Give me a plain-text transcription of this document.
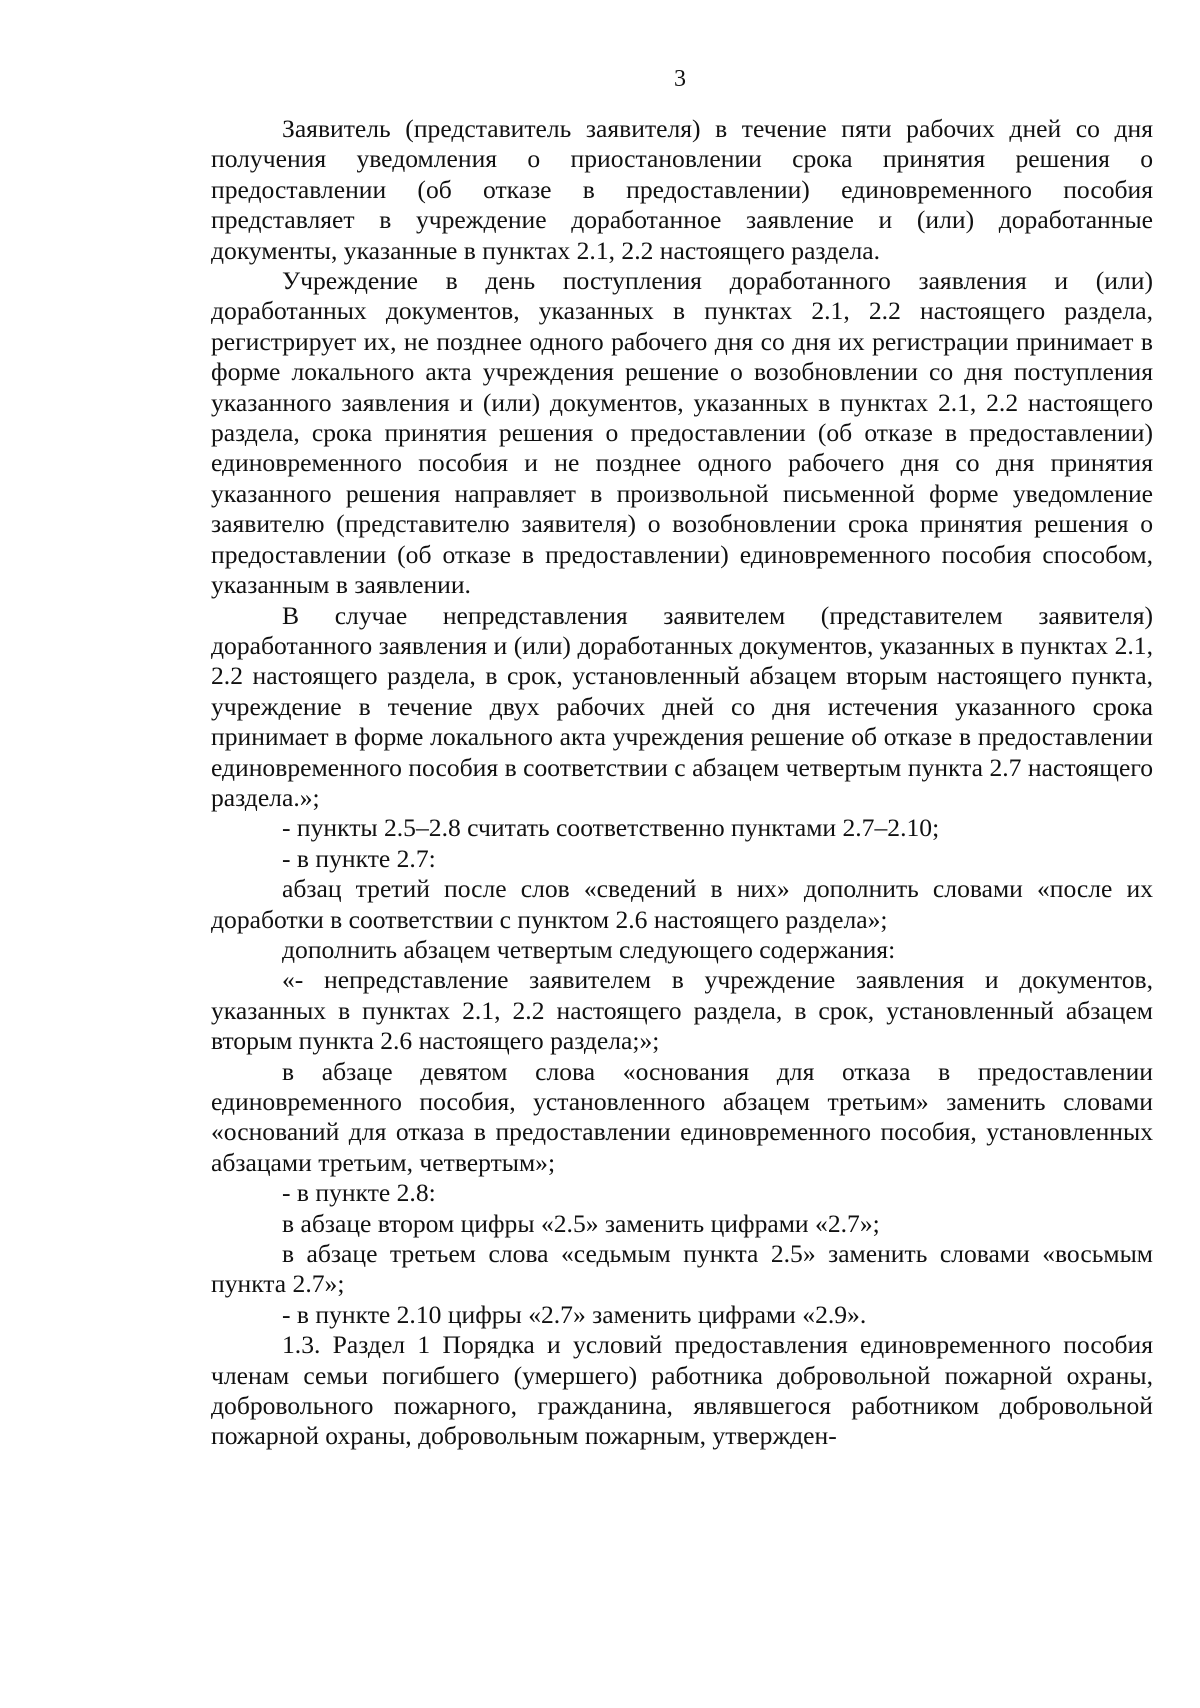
3

Заявитель (представитель заявителя) в течение пяти рабочих дней со дня получения уведомления о приостановлении срока принятия решения о предоставлении (об отказе в предоставлении) единовременного пособия представляет в учреждение доработанное заявление и (или) доработанные документы, указанные в пунктах 2.1, 2.2 настоящего раздела.

Учреждение в день поступления доработанного заявления и (или) доработанных документов, указанных в пунктах 2.1, 2.2 настоящего раздела, регистрирует их, не позднее одного рабочего дня со дня их регистрации принимает в форме локального акта учреждения решение о возобновлении со дня поступления указанного заявления и (или) документов, указанных в пунктах 2.1, 2.2 настоящего раздела, срока принятия решения о предоставлении (об отказе в предоставлении) единовременного пособия и не позднее одного рабочего дня со дня принятия указанного решения направляет в произвольной письменной форме уведомление заявителю (представителю заявителя) о возобновлении срока принятия решения о предоставлении (об отказе в предоставлении) единовременного пособия способом, указанным в заявлении.

В случае непредставления заявителем (представителем заявителя) доработанного заявления и (или) доработанных документов, указанных в пунктах 2.1, 2.2 настоящего раздела, в срок, установленный абзацем вторым настоящего пункта, учреждение в течение двух рабочих дней со дня истечения указанного срока принимает в форме локального акта учреждения решение об отказе в предоставлении единовременного пособия в соответствии с абзацем четвертым пункта 2.7 настоящего раздела.»;

- пункты 2.5–2.8 считать соответственно пунктами 2.7–2.10;

- в пункте 2.7:

абзац третий после слов «сведений в них» дополнить словами «после их доработки в соответствии с пунктом 2.6 настоящего раздела»;

дополнить абзацем четвертым следующего содержания:

«- непредставление заявителем в учреждение заявления и документов, указанных в пунктах 2.1, 2.2 настоящего раздела, в срок, установленный абзацем вторым пункта 2.6 настоящего раздела;»;

в абзаце девятом слова «основания для отказа в предоставлении единовременного пособия, установленного абзацем третьим» заменить словами «оснований для отказа в предоставлении единовременного пособия, установленных абзацами третьим, четвертым»;

- в пункте 2.8:

в абзаце втором цифры «2.5» заменить цифрами «2.7»;

в абзаце третьем слова «седьмым пункта 2.5» заменить словами «восьмым пункта 2.7»;

- в пункте 2.10 цифры «2.7» заменить цифрами «2.9».

1.3. Раздел 1 Порядка и условий предоставления единовременного пособия членам семьи погибшего (умершего) работника добровольной пожарной охраны, добровольного пожарного, гражданина, являвшегося работником добровольной пожарной охраны, добровольным пожарным, утвержден-
